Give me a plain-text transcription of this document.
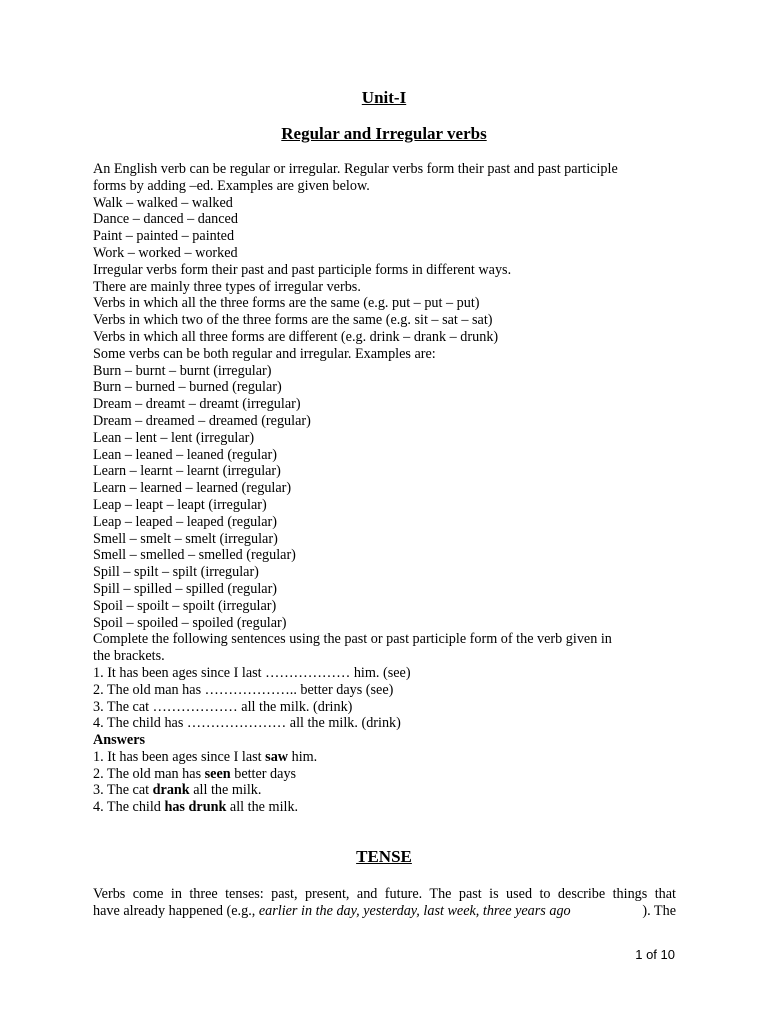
Unit-I
Regular and Irregular verbs
An English verb can be regular or irregular. Regular verbs form their past and past participle
forms by adding –ed. Examples are given below.
Walk – walked – walked
Dance – danced – danced
Paint – painted – painted
Work – worked – worked
Irregular verbs form their past and past participle forms in different ways.
There are mainly three types of irregular verbs.
Verbs in which all the three forms are the same (e.g. put – put – put)
Verbs in which two of the three forms are the same (e.g. sit – sat – sat)
Verbs in which all three forms are different (e.g. drink – drank – drunk)
Some verbs can be both regular and irregular. Examples are:
Burn – burnt – burnt (irregular)
Burn – burned – burned (regular)
Dream – dreamt – dreamt (irregular)
Dream – dreamed – dreamed (regular)
Lean – lent – lent (irregular)
Lean – leaned – leaned (regular)
Learn – learnt – learnt (irregular)
Learn – learned – learned (regular)
Leap – leapt – leapt (irregular)
Leap – leaped – leaped (regular)
Smell – smelt – smelt (irregular)
Smell – smelled – smelled (regular)
Spill – spilt – spilt (irregular)
Spill – spilled – spilled (regular)
Spoil – spoilt – spoilt (irregular)
Spoil – spoiled – spoiled (regular)
Complete the following sentences using the past or past participle form of the verb given in
the brackets.
1. It has been ages since I last ……………… him. (see)
2. The old man has ……………….. better days (see)
3. The cat ……………… all the milk. (drink)
4. The child has ………………… all the milk. (drink)
Answers
1. It has been ages since I last saw him.
2. The old man has seen better days
3. The cat drank all the milk.
4. The child has drunk all the milk.
TENSE
Verbs come in three tenses: past, present, and future. The past is used to describe things that
have already happened (e.g., earlier in the day, yesterday, last week, three years ago	). The
1 of 10
